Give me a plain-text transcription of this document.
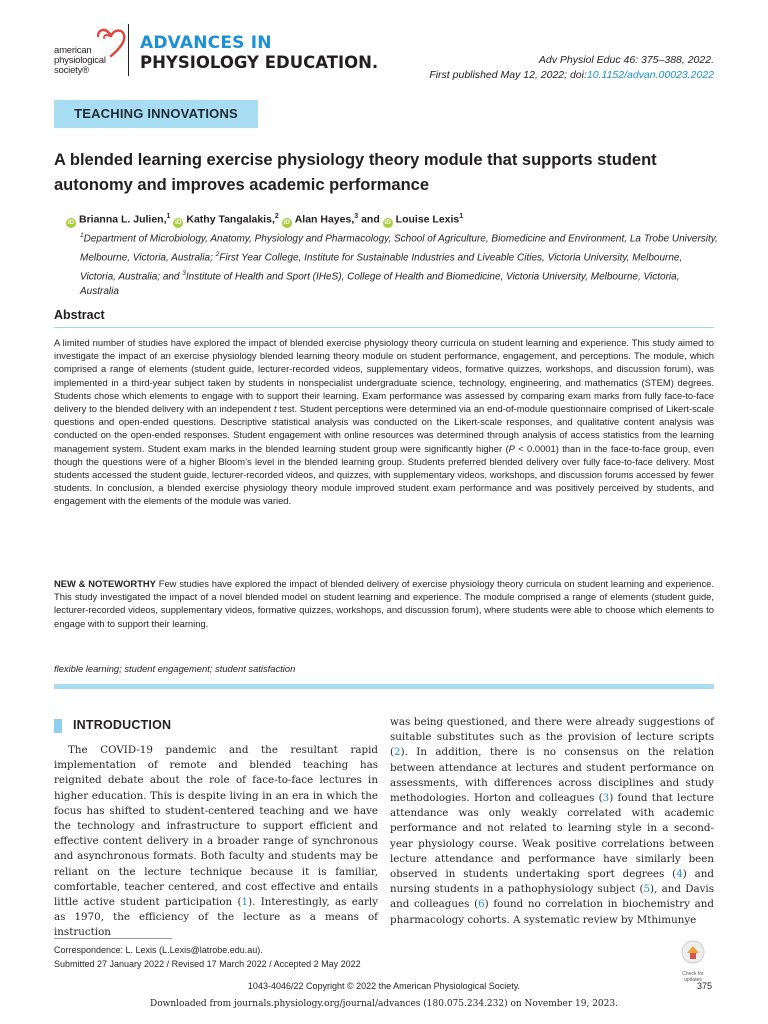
american
physiological
society®
ADVANCES IN
PHYSIOLOGY EDUCATION.	Adv Physiol Educ 46: 375–388, 2022.
First published May 12, 2022; doi:10.1152/advan.00023.2022
TEACHING INNOVATIONS
A blended learning exercise physiology theory module that supports student autonomy and improves academic performance
iD Brianna L. Julien,$^1$ iD Kathy Tangalakis,$^2$ iD Alan Hayes,$^3$ and iD Louise Lexis$^1$
$^1$Department of Microbiology, Anatomy, Physiology and Pharmacology, School of Agriculture, Biomedicine and Environment, La Trobe University, Melbourne, Victoria, Australia; $^2$First Year College, Institute for Sustainable Industries and Liveable Cities, Victoria University, Melbourne, Victoria, Australia; and $^3$Institute of Health and Sport (IHeS), College of Health and Biomedicine, Victoria University, Melbourne, Victoria, Australia
Abstract
A limited number of studies have explored the impact of blended exercise physiology theory curricula on student learning and experience. This study aimed to investigate the impact of an exercise physiology blended learning theory module on student performance, engagement, and perceptions. The module, which comprised a range of elements (student guide, lecturer-recorded videos, supplementary videos, formative quizzes, workshops, and discussion forum), was implemented in a third-year subject taken by students in nonspecialist undergraduate science, technology, engineering, and mathematics (STEM) degrees. Students chose which elements to engage with to support their learning. Exam performance was assessed by comparing exam marks from fully face-to-face delivery to the blended delivery with an independent t test. Student perceptions were determined via an end-of-module questionnaire comprised of Likert-scale questions and open-ended questions. Descriptive statistical analysis was conducted on the Likert-scale responses, and qualitative content analysis was conducted on the open-ended responses. Student engagement with online resources was determined through analysis of access statistics from the learning management system. Student exam marks in the blended learning student group were significantly higher (P < 0.0001) than in the face-to-face group, even though the questions were of a higher Bloom’s level in the blended learning group. Students preferred blended delivery over fully face-to-face delivery. Most students accessed the student guide, lecturer-recorded videos, and quizzes, with supplementary videos, workshops, and discussion forums accessed by fewer students. In conclusion, a blended exercise physiology theory module improved student exam performance and was positively perceived by students, and engagement with the elements of the module was varied.
NEW & NOTEWORTHY Few studies have explored the impact of blended delivery of exercise physiology theory curricula on student learning and experience. This study investigated the impact of a novel blended model on student learning and experience. The module comprised a range of elements (student guide, lecturer-recorded videos, supplementary videos, formative quizzes, workshops, and discussion forum), where students were able to choose which elements to engage with to support their learning.
flexible learning; student engagement; student satisfaction
INTRODUCTION
The COVID-19 pandemic and the resultant rapid implementation of remote and blended teaching has reignited debate about the role of face-to-face lectures in higher education. This is despite living in an era in which the focus has shifted to student-centered teaching and we have the technology and infrastructure to support efficient and effective content delivery in a broader range of synchronous and asynchronous formats. Both faculty and students may be reliant on the lecture technique because it is familiar, comfortable, teacher centered, and cost effective and entails little active student participation (1). Interestingly, as early as 1970, the efficiency of the lecture as a means of instruction
was being questioned, and there were already suggestions of suitable substitutes such as the provision of lecture scripts (2). In addition, there is no consensus on the relation between attendance at lectures and student performance on assessments, with differences across disciplines and study methodologies. Horton and colleagues (3) found that lecture attendance was only weakly correlated with academic performance and not related to learning style in a second-year physiology course. Weak positive correlations between lecture attendance and performance have similarly been observed in students undertaking sport degrees (4) and nursing students in a pathophysiology subject (5), and Davis and colleagues (6) found no correlation in biochemistry and pharmacology cohorts. A systematic review by Mthimunye
Correspondence: L. Lexis (L.Lexis@latrobe.edu.au).
Submitted 27 January 2022 / Revised 17 March 2022 / Accepted 2 May 2022
Check for
updates
1043-4046/22 Copyright © 2022 the American Physiological Society.	375
Downloaded from journals.physiology.org/journal/advances (180.075.234.232) on November 19, 2023.
